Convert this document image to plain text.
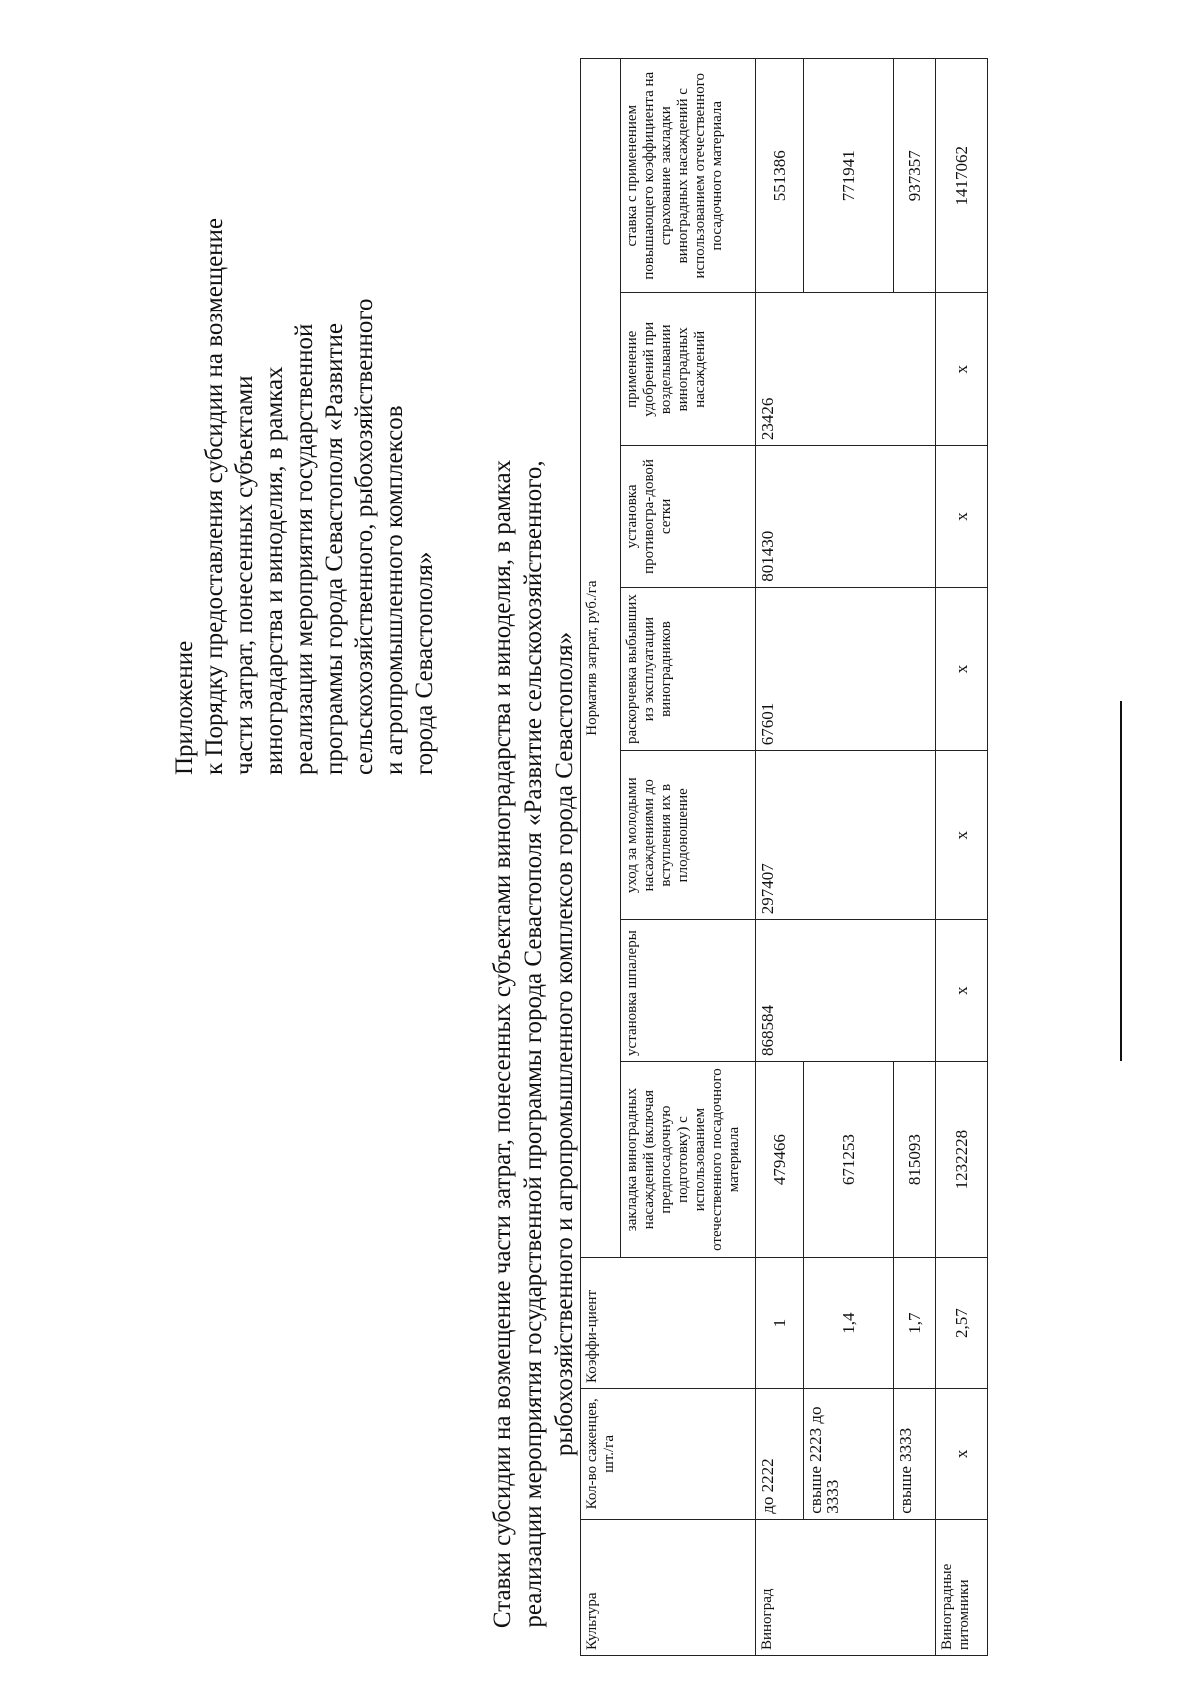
Приложение к Порядку предоставления субсидии на возмещение части затрат, понесенных субъектами виноградарства и виноделия, в рамках реализации мероприятия государственной программы города Севастополя «Развитие сельскохозяйственного, рыбохозяйственного и агропромышленного комплексов города Севастополя» Ставки субсидии на возмещение части затрат, понесенных субъектами виноградарства и виноделия, в рамках реализации мероприятия государственной программы города Севастополя «Развитие сельскохозяйственного, рыбохозяйственного и агропромышленного комплексов города Севастополя»
Культура	Кол-во саженцев, шт./га	Коэффи-циент	Норматив затрат, руб./га						
			закладка виноградных насаждений (включая предпосадочную подготовку) с использованием отечественного посадочного материала	установка шпалеры	уход за молодыми насаждениями до вступления их в плодоношение	раскорчевка выбывших из эксплуатации виноградников	установка противогра-довой сетки	применение удобрений при возделывании виноградных насаждений	ставка с применением повышающего коэффициента на страхование закладки виноградных насаждений с использованием отечественного посадочного материала
Виноград	до 2222	1	479466	868584	297407	67601	801430	23426	551386
	свыше 2223 до 3333	1,4	671253						771941
	свыше 3333	1,7	815093						937357
Виноградные питомники	х	2,57	1232228	х	х	х	х	х	1417062
